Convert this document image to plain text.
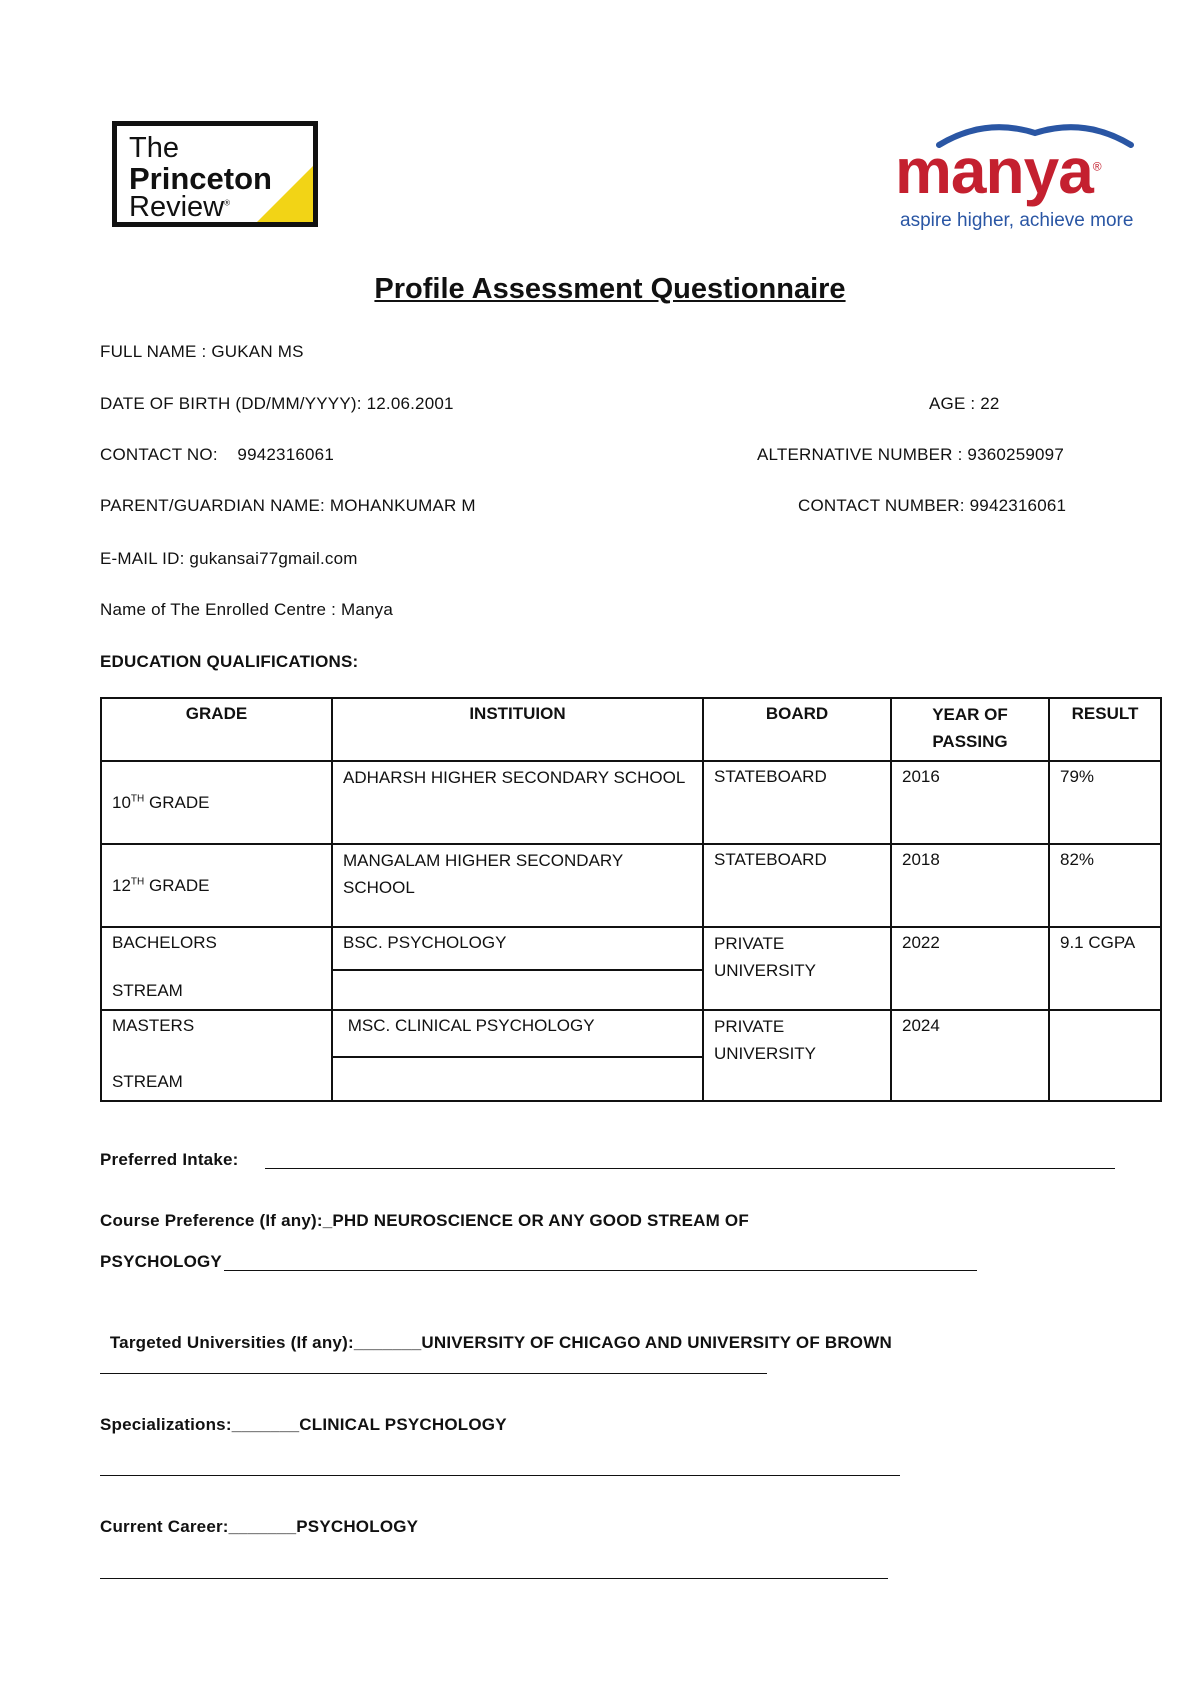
The
Princeton
Review®	manya®
aspire higher, achieve more
Profile Assessment Questionnaire
FULL NAME : GUKAN MS
DATE OF BIRTH (DD/MM/YYYY): 12.06.2001	AGE : 22
CONTACT NO:    9942316061	ALTERNATIVE NUMBER : 9360259097
PARENT/GUARDIAN NAME: MOHANKUMAR M	CONTACT NUMBER: 9942316061
E-MAIL ID: gukansai77gmail.com
Name of The Enrolled Centre : Manya
EDUCATION QUALIFICATIONS:
GRADE	INSTITUION	BOARD	YEAR OF PASSING	RESULT
10TH GRADE	ADHARSH HIGHER SECONDARY SCHOOL	STATEBOARD	2016	79%
12TH GRADE	MANGALAM HIGHER SECONDARY SCHOOL	STATEBOARD	2018	82%

BACHELORS
STREAM	BSC. PSYCHOLOGY	PRIVATE UNIVERSITY	2022	9.1 CGPA

MASTERS
STREAM	MSC. CLINICAL PSYCHOLOGY	PRIVATE UNIVERSITY	2024	
Preferred Intake:
Course Preference (If any):_PHD NEUROSCIENCE OR ANY GOOD STREAM OF
PSYCHOLOGY

Targeted Universities (If any):_______UNIVERSITY OF CHICAGO AND UNIVERSITY OF BROWN

Specializations:_______CLINICAL PSYCHOLOGY
Current Career:_______PSYCHOLOGY
